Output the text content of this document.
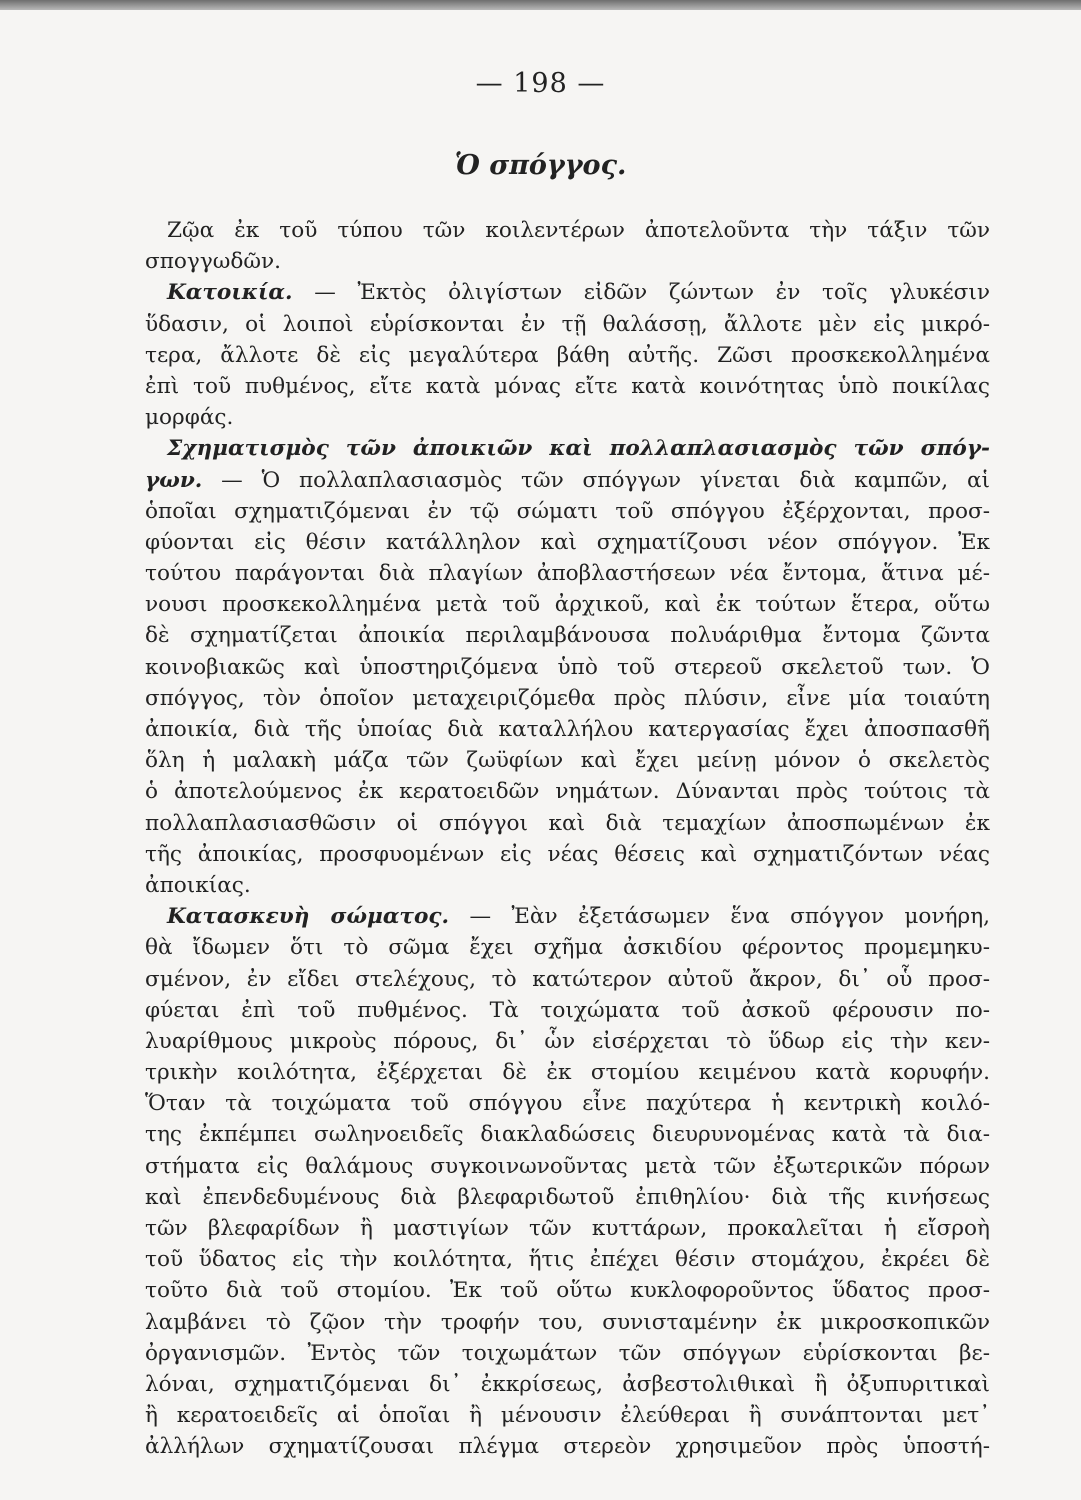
— 198 —
Ὁ σπόγγος.
Ζῷα ἐκ τοῦ τύπου τῶν κοιλεντέρων ἀποτελοῦντα τὴν τάξιν τῶν
σπογγωδῶν.
Κατοικία. — Ἐκτὸς ὀλιγίστων εἰδῶν ζώντων ἐν τοῖς γλυκέσιν
ὕδασιν, οἱ λοιποὶ εὑρίσκονται ἐν τῇ θαλάσσῃ, ἄλλοτε μὲν εἰς μικρό-
τερα, ἄλλοτε δὲ εἰς μεγαλύτερα βάθη αὐτῆς. Ζῶσι προσκεκολλημένα
ἐπὶ τοῦ πυθμένος, εἴτε κατὰ μόνας εἴτε κατὰ κοινότητας ὑπὸ ποικίλας
μορφάς.
Σχηματισμὸς τῶν ἀποικιῶν καὶ πολλαπλασιασμὸς τῶν σπόγ-
γων. — Ὁ πολλαπλασιασμὸς τῶν σπόγγων γίνεται διὰ καμπῶν, αἱ
ὁποῖαι σχηματιζόμεναι ἐν τῷ σώματι τοῦ σπόγγου ἐξέρχονται, προσ-
φύονται εἰς θέσιν κατάλληλον καὶ σχηματίζουσι νέον σπόγγον. Ἐκ
τούτου παράγονται διὰ πλαγίων ἀποβλαστήσεων νέα ἔντομα, ἅτινα μέ-
νουσι προσκεκολλημένα μετὰ τοῦ ἀρχικοῦ, καὶ ἐκ τούτων ἕτερα, οὕτω
δὲ σχηματίζεται ἀποικία περιλαμβάνουσα πολυάριθμα ἔντομα ζῶντα
κοινοβιακῶς καὶ ὑποστηριζόμενα ὑπὸ τοῦ στερεοῦ σκελετοῦ των. Ὁ
σπόγγος, τὸν ὁποῖον μεταχειριζόμεθα πρὸς πλύσιν, εἶνε μία τοιαύτη
ἀποικία, διὰ τῆς ὑποίας διὰ καταλλήλου κατεργασίας ἔχει ἀποσπασθῆ
ὅλη ἡ μαλακὴ μάζα τῶν ζωϋφίων καὶ ἔχει μείνῃ μόνον ὁ σκελετὸς
ὁ ἀποτελούμενος ἐκ κερατοειδῶν νημάτων. Δύνανται πρὸς τούτοις τὰ
πολλαπλασιασθῶσιν οἱ σπόγγοι καὶ διὰ τεμαχίων ἀποσπωμένων ἐκ
τῆς ἀποικίας, προσφυομένων εἰς νέας θέσεις καὶ σχηματιζόντων νέας
ἀποικίας.
Κατασκευὴ σώματος. — Ἐὰν ἐξετάσωμεν ἕνα σπόγγον μονήρη,
θὰ ἴδωμεν ὅτι τὸ σῶμα ἔχει σχῆμα ἀσκιδίου φέροντος προμεμηκυ-
σμένον, ἐν εἴδει στελέχους, τὸ κατώτερον αὐτοῦ ἄκρον, δι᾿ οὗ προσ-
φύεται ἐπὶ τοῦ πυθμένος. Τὰ τοιχώματα τοῦ ἀσκοῦ φέρουσιν πο-
λυαρίθμους μικροὺς πόρους, δι᾿ ὧν εἰσέρχεται τὸ ὕδωρ εἰς τὴν κεν-
τρικὴν κοιλότητα, ἐξέρχεται δὲ ἐκ στομίου κειμένου κατὰ κορυφήν.
Ὅταν τὰ τοιχώματα τοῦ σπόγγου εἶνε παχύτερα ἡ κεντρικὴ κοιλό-
της ἐκπέμπει σωληνοειδεῖς διακλαδώσεις διευρυνομένας κατὰ τὰ δια-
στήματα εἰς θαλάμους συγκοινωνοῦντας μετὰ τῶν ἐξωτερικῶν πόρων
καὶ ἐπενδεδυμένους διὰ βλεφαριδωτοῦ ἐπιθηλίου· διὰ τῆς κινήσεως
τῶν βλεφαρίδων ἢ μαστιγίων τῶν κυττάρων, προκαλεῖται ἡ εἴσροὴ
τοῦ ὕδατος εἰς τὴν κοιλότητα, ἥτις ἐπέχει θέσιν στομάχου, ἐκρέει δὲ
τοῦτο διὰ τοῦ στομίου. Ἐκ τοῦ οὕτω κυκλοφοροῦντος ὕδατος προσ-
λαμβάνει τὸ ζῷον τὴν τροφήν του, συνισταμένην ἐκ μικροσκοπικῶν
ὀργανισμῶν. Ἐντὸς τῶν τοιχωμάτων τῶν σπόγγων εὑρίσκονται βε-
λόναι, σχηματιζόμεναι δι᾿ ἐκκρίσεως, ἀσβεστολιθικαὶ ἢ ὀξυπυριτικαὶ
ἢ κερατοειδεῖς αἱ ὁποῖαι ἢ μένουσιν ἐλεύθεραι ἢ συνάπτονται μετ᾿
ἀλλήλων σχηματίζουσαι πλέγμα στερεὸν χρησιμεῦον πρὸς ὑποστή-
